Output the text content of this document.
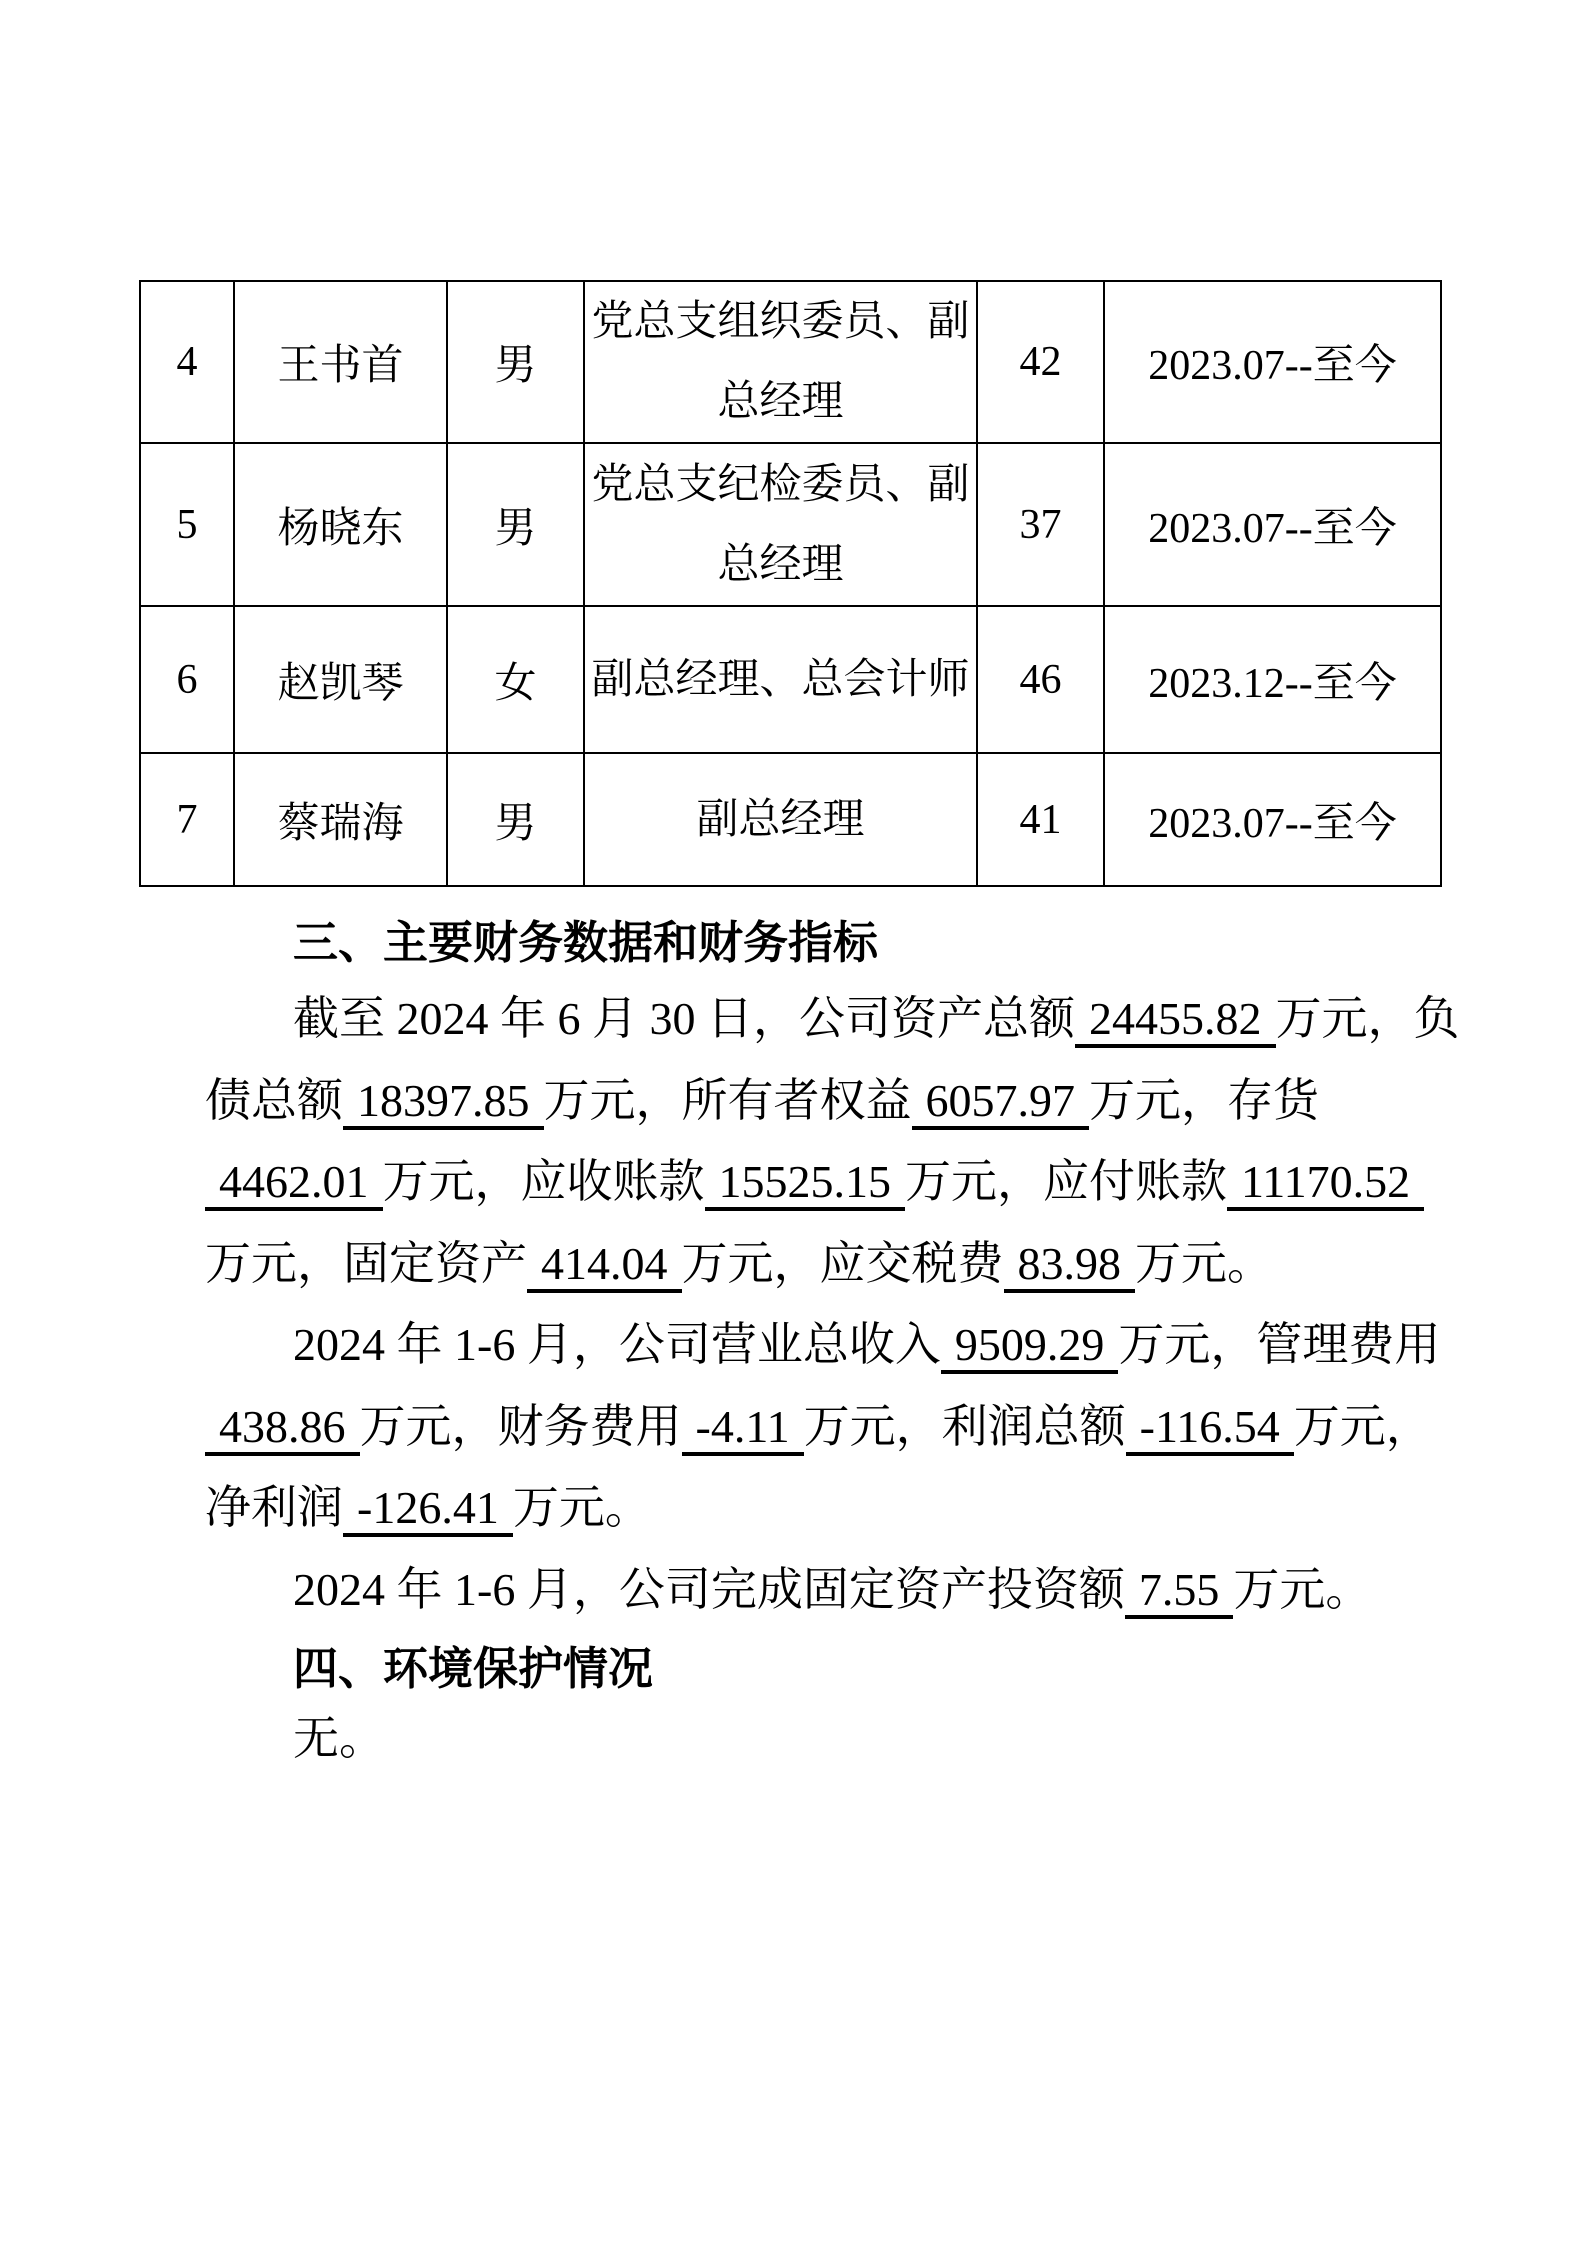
4	王书首	男	党总支组织委员、副总经理	42	2023.07--至今
5	杨晓东	男	党总支纪检委员、副总经理	37	2023.07--至今
6	赵凯琴	女	副总经理、总会计师	46	2023.12--至今
7	蔡瑞海	男	副总经理	41	2023.07--至今
三、主要财务数据和财务指标
截至 2024 年 6 月 30 日，公司资产总额 24455.82 万元，负
债总额 18397.85 万元，所有者权益 6057.97 万元，存货
4462.01 万元，应收账款 15525.15 万元，应付账款 11170.52
万元，固定资产 414.04 万元，应交税费 83.98 万元。
2024 年 1-6 月，公司营业总收入 9509.29 万元，管理费用
438.86 万元，财务费用 -4.11 万元，利润总额 -116.54 万元，
净利润 -126.41 万元。
2024 年 1-6 月，公司完成固定资产投资额 7.55 万元。
四、环境保护情况
无。
